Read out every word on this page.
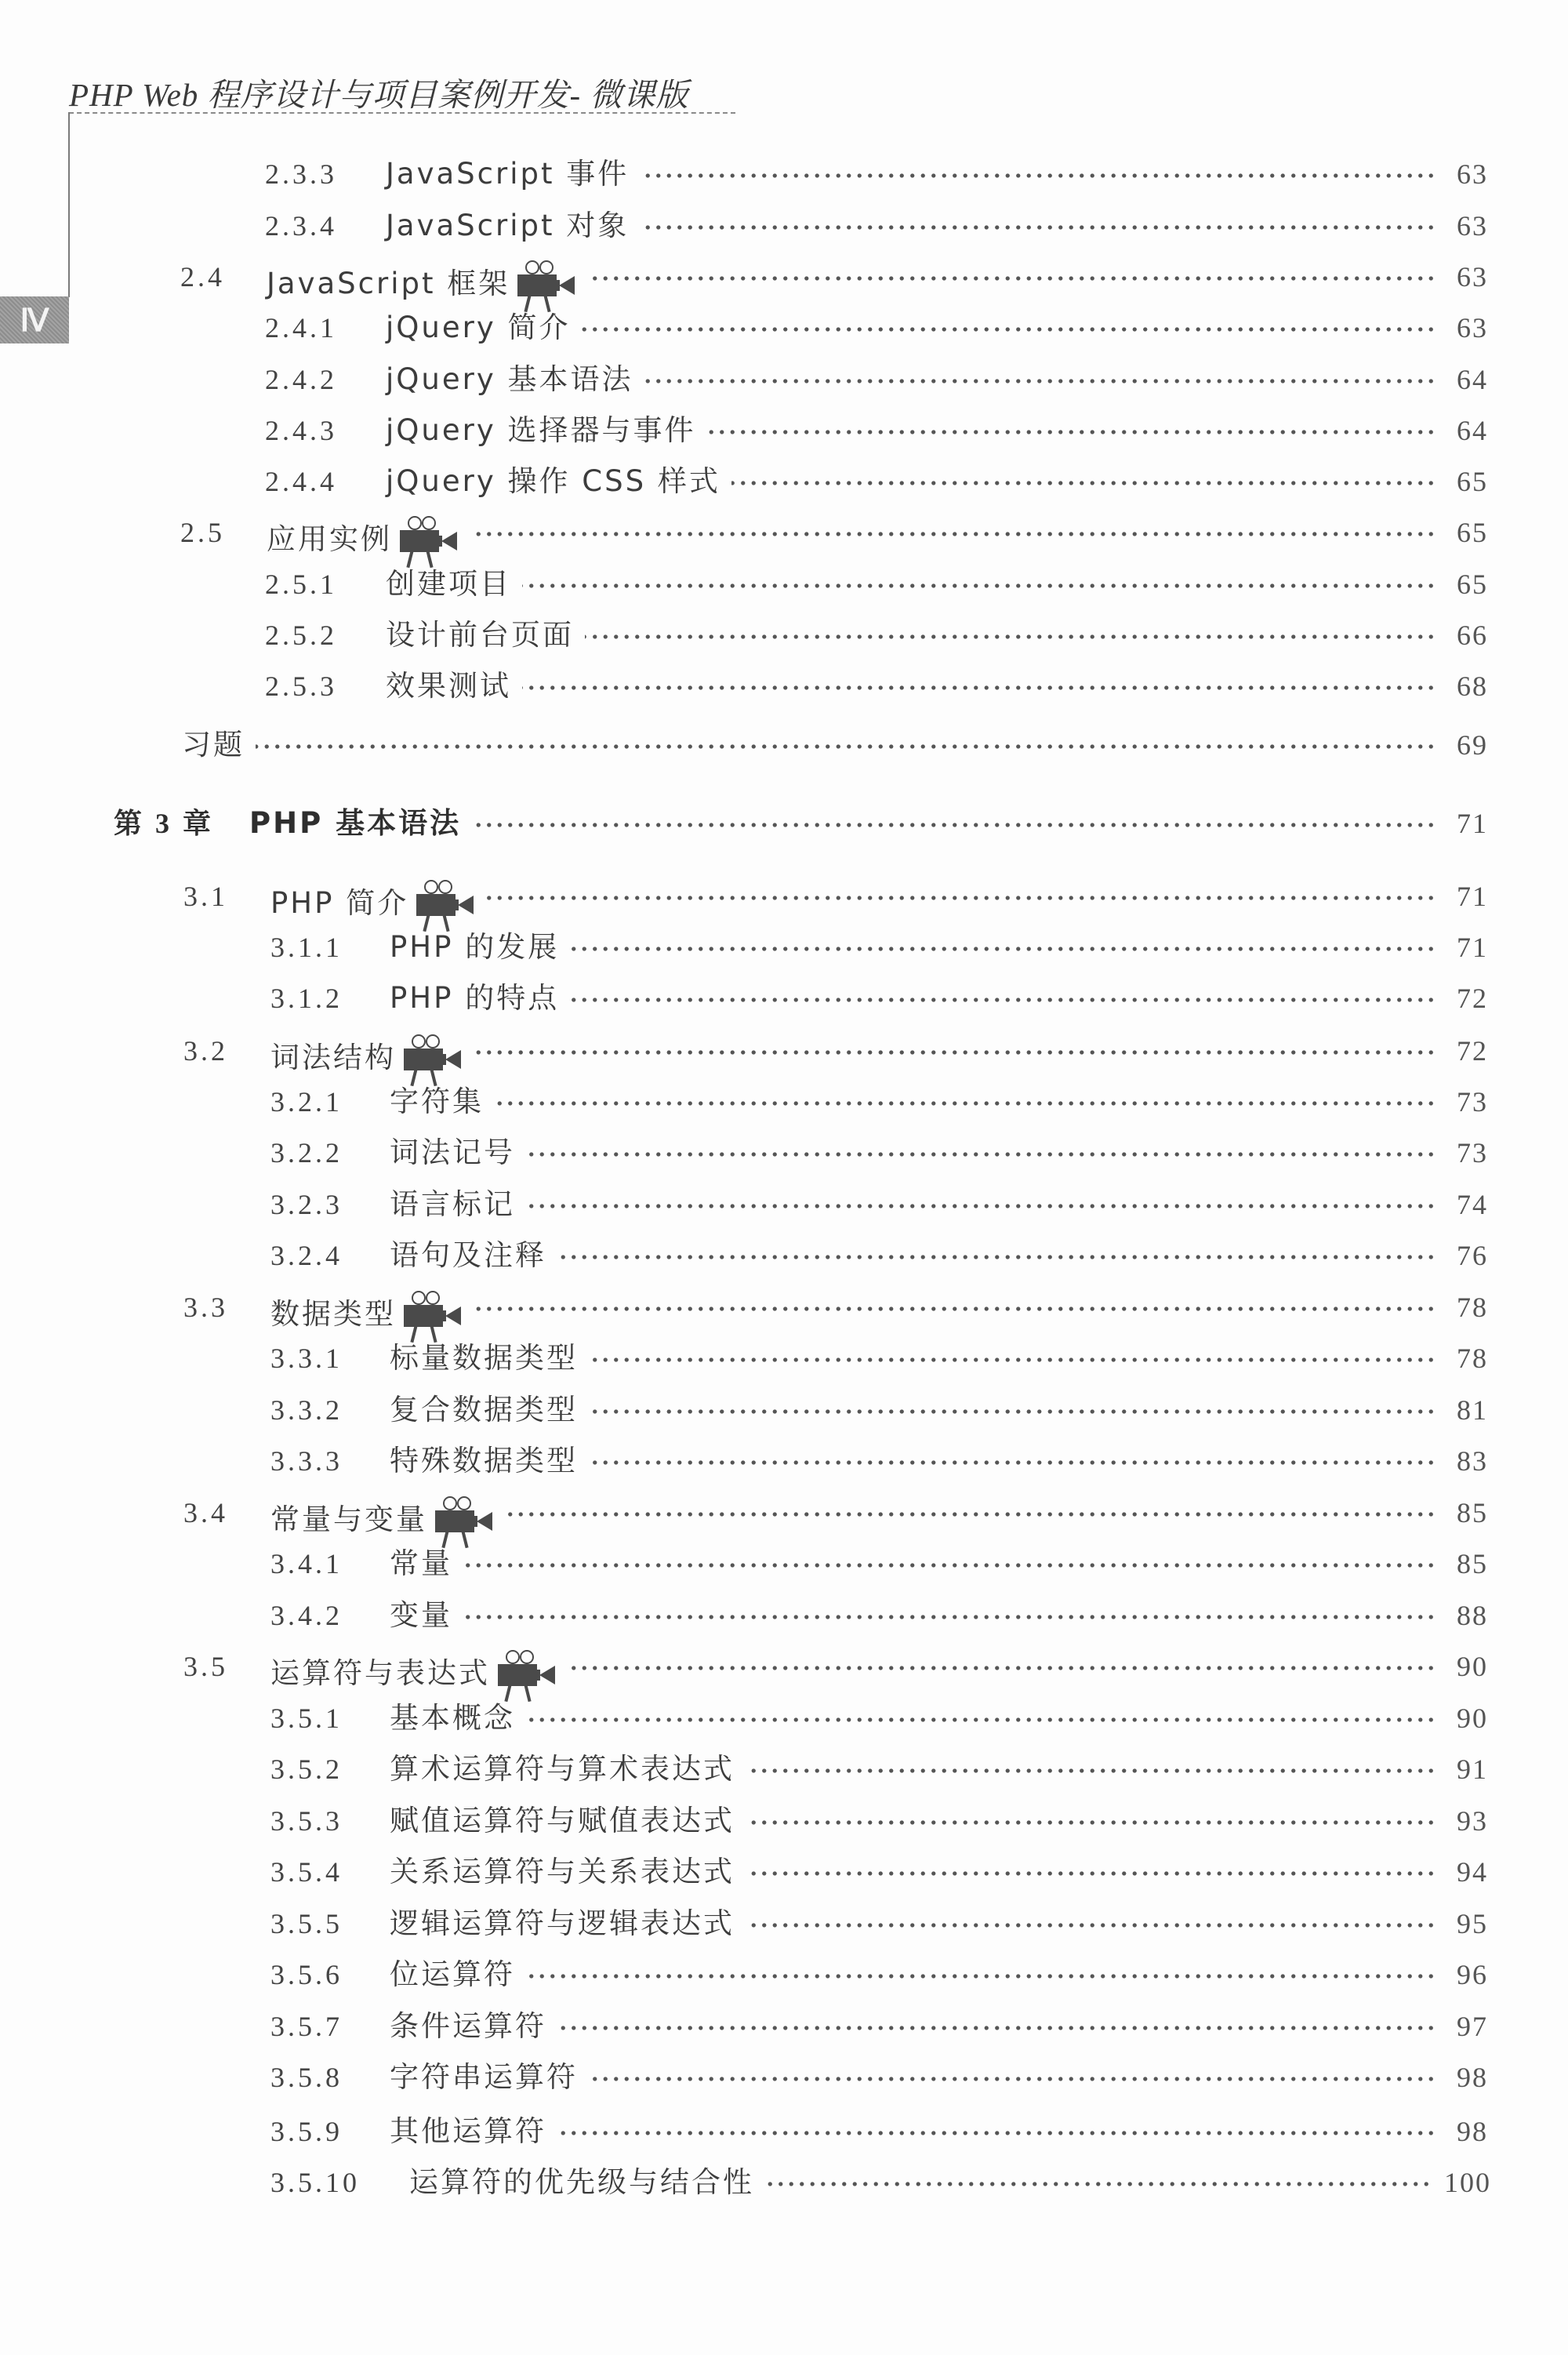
PHP Web 程序设计与项目案例开发- 微课版
Ⅳ
2.3.3 JavaScript 事件	63
2.3.4 JavaScript 对象	63
2.4 JavaScript 框架	63
2.4.1 jQuery 简介	63
2.4.2 jQuery 基本语法	64
2.4.3 jQuery 选择器与事件	64
2.4.4 jQuery 操作 CSS 样式	65
2.5 应用实例	65
2.5.1 创建项目	65
2.5.2 设计前台页面	66
2.5.3 效果测试	68
习题	69
第 3 章 PHP 基本语法	71
3.1 PHP 简介	71
3.1.1 PHP 的发展	71
3.1.2 PHP 的特点	72
3.2 词法结构	72
3.2.1 字符集	73
3.2.2 词法记号	73
3.2.3 语言标记	74
3.2.4 语句及注释	76
3.3 数据类型	78
3.3.1 标量数据类型	78
3.3.2 复合数据类型	81
3.3.3 特殊数据类型	83
3.4 常量与变量	85
3.4.1 常量	85
3.4.2 变量	88
3.5 运算符与表达式	90
3.5.1 基本概念	90
3.5.2 算术运算符与算术表达式	91
3.5.3 赋值运算符与赋值表达式	93
3.5.4 关系运算符与关系表达式	94
3.5.5 逻辑运算符与逻辑表达式	95
3.5.6 位运算符	96
3.5.7 条件运算符	97
3.5.8 字符串运算符	98
3.5.9 其他运算符	98
3.5.10 运算符的优先级与结合性	100
